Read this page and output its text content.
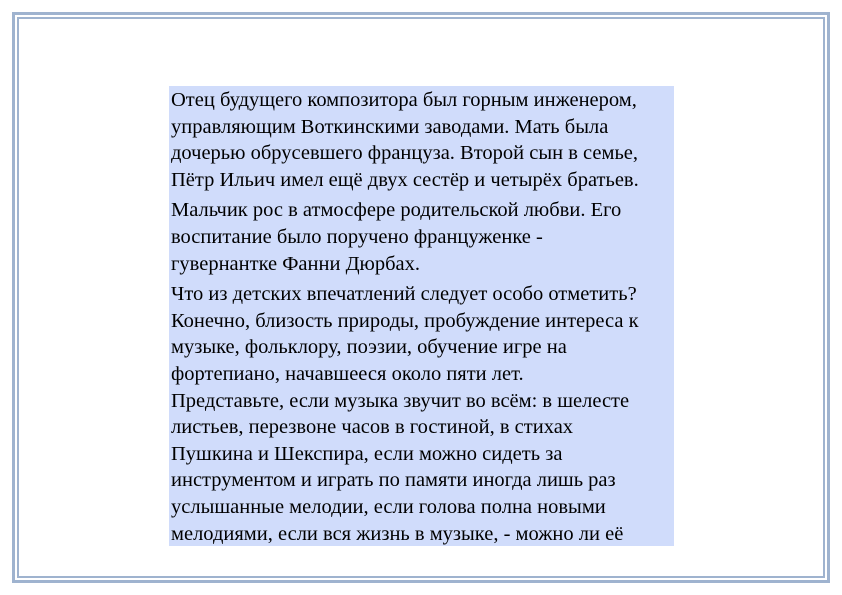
Отец будущего композитора был горным инженером,
управляющим Воткинскими заводами. Мать была
дочерью обрусевшего француза. Второй сын в семье,
Пётр Ильич имел ещё двух сестёр и четырёх братьев.

Мальчик рос в атмосфере родительской любви. Его
воспитание было поручено француженке -
гувернантке Фанни Дюрбах.

Что из детских впечатлений следует особо отметить?
Конечно, близость природы, пробуждение интереса к
музыке, фольклору, поэзии, обучение игре на
фортепиано, начавшееся около пяти лет.
Представьте, если музыка звучит во всём: в шелесте
листьев, перезвоне часов в гостиной, в стихах
Пушкина и Шекспира, если можно сидеть за
инструментом и играть по памяти иногда лишь раз
услышанные мелодии, если голова полна новыми
мелодиями, если вся жизнь в музыке, - можно ли её
